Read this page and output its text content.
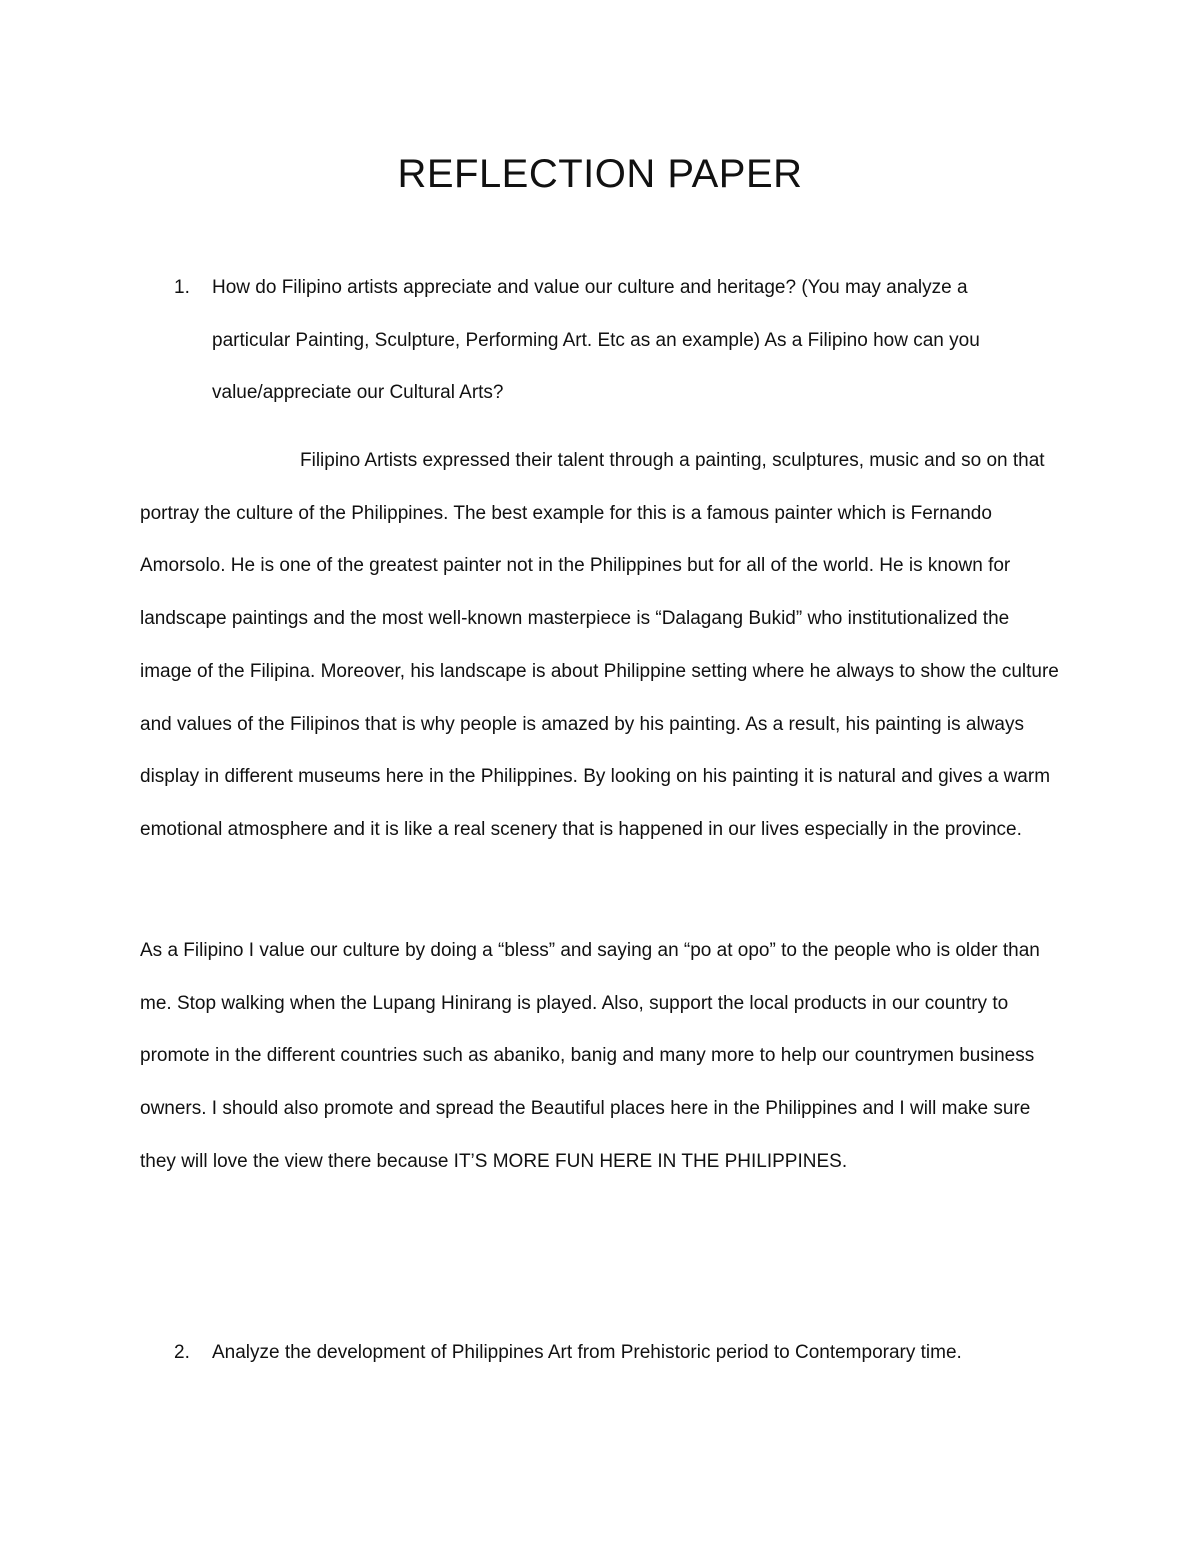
REFLECTION PAPER
1. How do Filipino artists appreciate and value our culture and heritage? (You may analyze a particular Painting, Sculpture, Performing Art. Etc as an example) As a Filipino how can you value/appreciate our Cultural Arts?

Filipino Artists expressed their talent through a painting, sculptures, music and so on that portray the culture of the Philippines. The best example for this is a famous painter which is Fernando Amorsolo. He is one of the greatest painter not in the Philippines but for all of the world. He is known for landscape paintings and the most well-known masterpiece is “Dalagang Bukid” who institutionalized the image of the Filipina. Moreover, his landscape is about Philippine setting where he always to show the culture and values of the Filipinos that is why people is amazed by his painting. As a result, his painting is always display in different museums here in the Philippines. By looking on his painting it is natural and gives a warm emotional atmosphere and it is like a real scenery that is happened in our lives especially in the province.

As a Filipino I value our culture by doing a “bless” and saying an “po at opo” to the people who is older than me. Stop walking when the Lupang Hinirang is played. Also, support the local products in our country to promote in the different countries such as abaniko, banig and many more to help our countrymen business owners. I should also promote and spread the Beautiful places here in the Philippines and I will make sure they will love the view there because IT’S MORE FUN HERE IN THE PHILIPPINES.

2. Analyze the development of Philippines Art from Prehistoric period to Contemporary time.
